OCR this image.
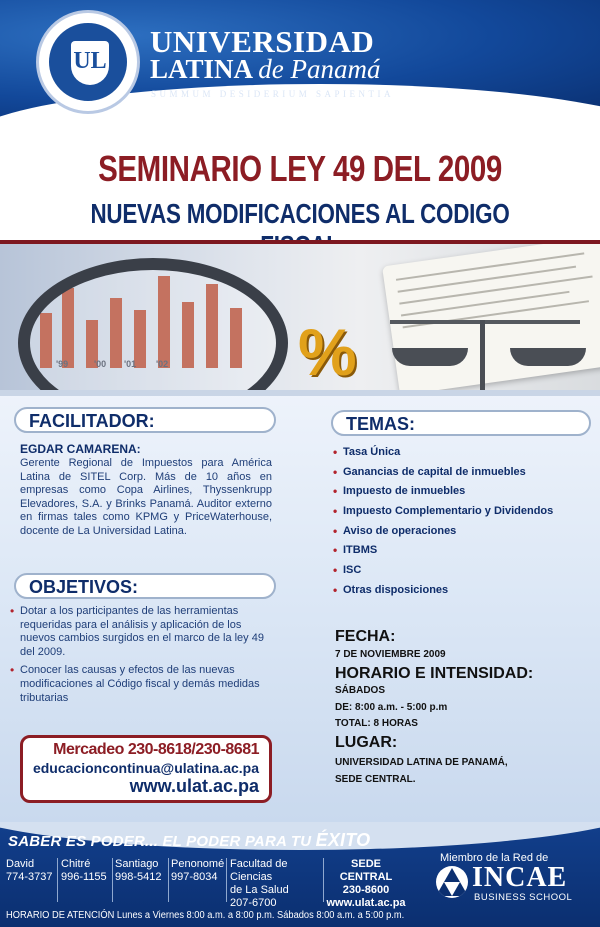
UL
UNIVERSIDAD
LATINA de Panamá
SUMMUM DESIDERIUM SAPIENTIA
SEMINARIO LEY 49 DEL 2009
NUEVAS MODIFICACIONES AL CODIGO
'99	'00 '01 '02 %
FACILITADOR:
EGDAR CAMARENA:
Gerente Regional de Impuestos para América Latina de SITEL Corp. Más de 10 años en empresas como Copa Airlines, Thyssenkrupp Elevadores, S.A. y Brinks Panamá. Auditor externo en firmas tales como KPMG y PriceWaterhouse, docente de La Universidad Latina.
OBJETIVOS:
• Dotar a los participantes de las herramientas requeridas para el análisis y aplicación de los nuevos cambios surgidos en el marco de la ley 49 del 2009.
• Conocer las causas y efectos de las nuevas modificaciones al Código fiscal y demás medidas tributarias
Mercadeo 230-8618/230-8681
educacioncontinua@ulatina.ac.pa
www.ulat.ac.pa
TEMAS:
• Tasa Única
• Ganancias de capital de inmuebles
• Impuesto de inmuebles
• Impuesto Complementario y Dividendos
• Aviso de operaciones
• ITBMS
• ISC
• Otras disposiciones
FECHA:
7 DE NOVIEMBRE 2009
HORARIO E INTENSIDAD:
SÁBADOS
DE: 8:00 a.m. - 5:00 p.m
TOTAL: 8 HORAS
LUGAR:
UNIVERSIDAD LATINA DE PANAMÁ,
SEDE CENTRAL.
SABER ES PODER... EL PODER PARA TU ÉXITO
David
774-3737
Chitré
996-1155
Santiago
998-5412
Penonomé
997-8034
Facultad de Ciencias
de La Salud
207-6700
SEDE CENTRAL
230-8600
www.ulat.ac.pa
Miembro de la Red de
INCAE
BUSINESS SCHOOL
HORARIO DE ATENCIÓN Lunes a Viernes 8:00 a.m. a 8:00 p.m. Sábados 8:00 a.m. a 5:00 p.m.
